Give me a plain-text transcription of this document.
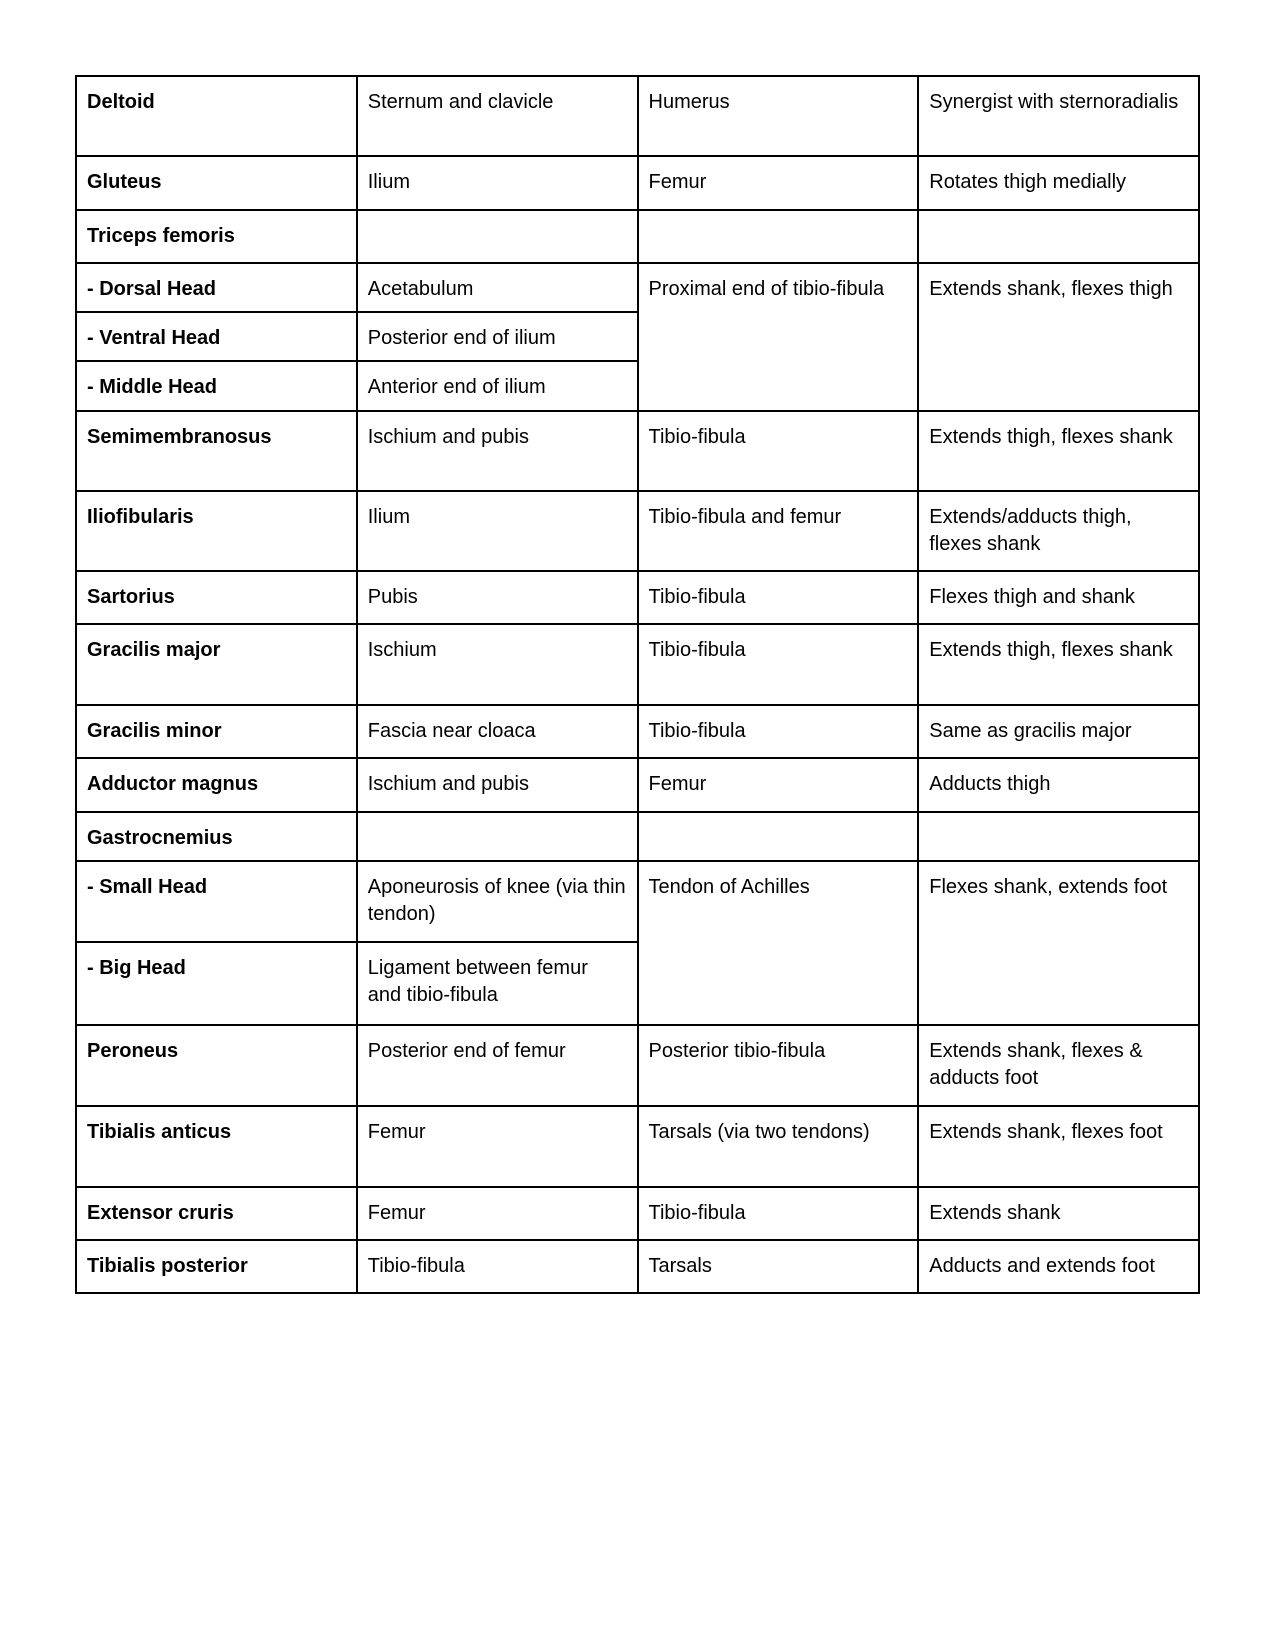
Deltoid	Sternum and clavicle	Humerus	Synergist with sternoradialis
Gluteus	Ilium	Femur	Rotates thigh medially
Triceps femoris			
- Dorsal Head	Acetabulum	Proximal end of tibio-fibula	Extends shank, flexes thigh
- Ventral Head	Posterior end of ilium		
- Middle Head	Anterior end of ilium		
Semimembranosus	Ischium and pubis	Tibio-fibula	Extends thigh, flexes shank
Iliofibularis	Ilium	Tibio-fibula and femur	Extends/adducts thigh, flexes shank
Sartorius	Pubis	Tibio-fibula	Flexes thigh and shank
Gracilis major	Ischium	Tibio-fibula	Extends thigh, flexes shank
Gracilis minor	Fascia near cloaca	Tibio-fibula	Same as gracilis major
Adductor magnus	Ischium and pubis	Femur	Adducts thigh
Gastrocnemius			
- Small Head	Aponeurosis of knee (via thin tendon)	Tendon of Achilles	Flexes shank, extends foot
- Big Head	Ligament between femur and tibio-fibula		
Peroneus	Posterior end of femur	Posterior tibio-fibula	Extends shank, flexes & adducts foot
Tibialis anticus	Femur	Tarsals (via two tendons)	Extends shank, flexes foot
Extensor cruris	Femur	Tibio-fibula	Extends shank
Tibialis posterior	Tibio-fibula	Tarsals	Adducts and extends foot
